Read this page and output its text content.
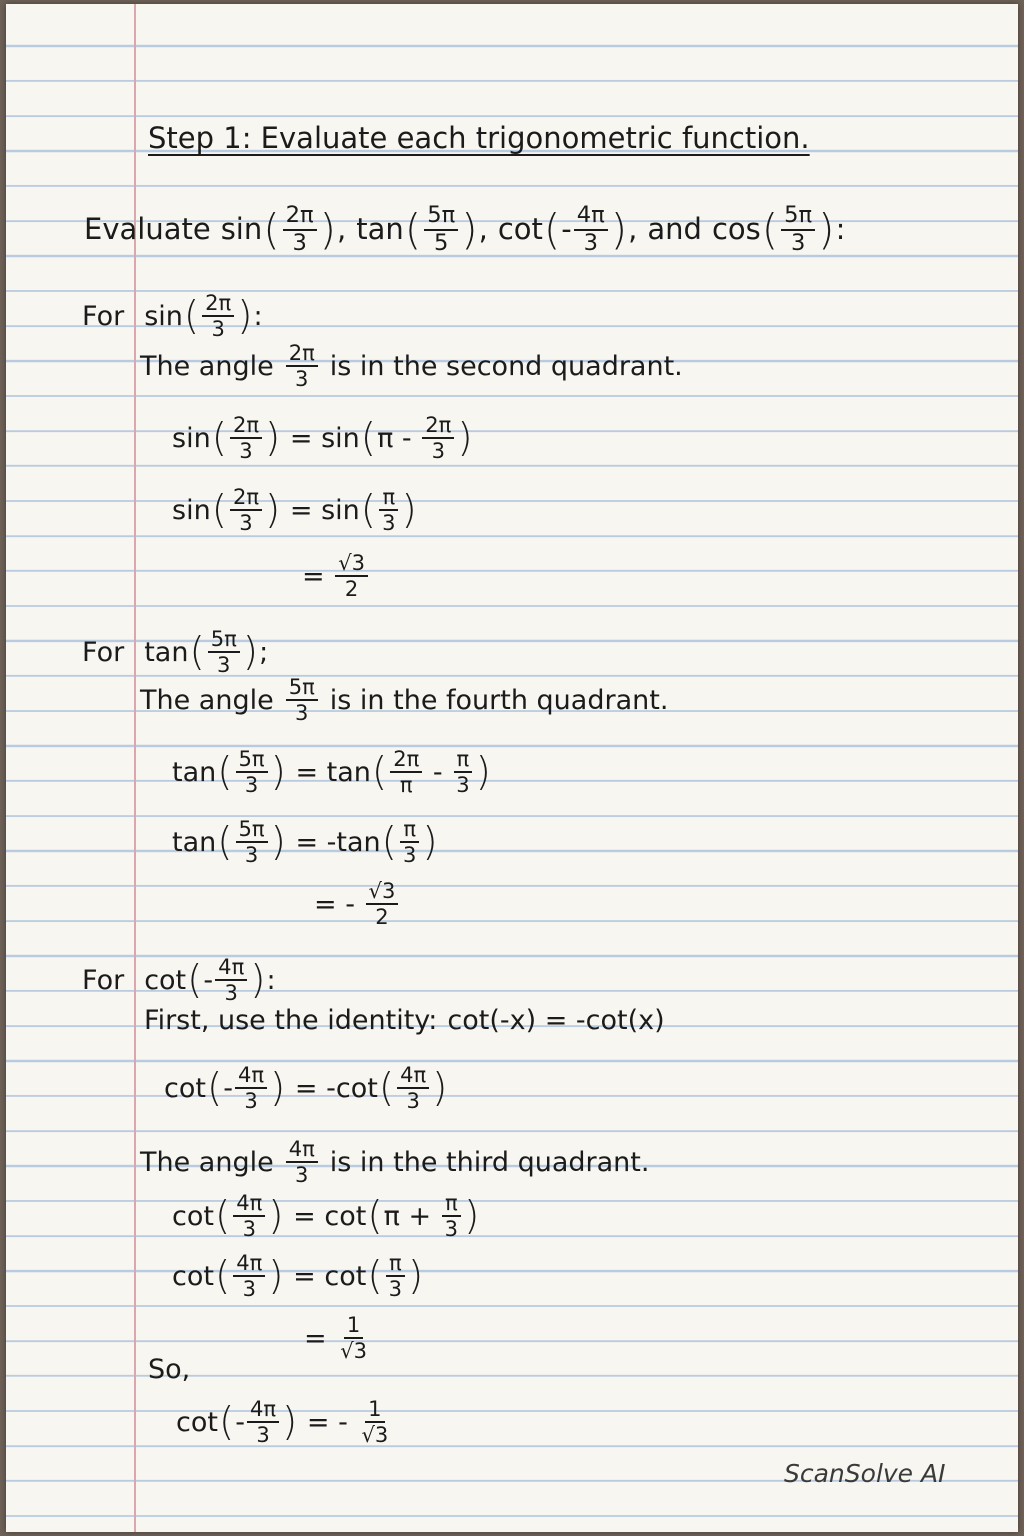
Step 1: Evaluate each trigonometric function.
Evaluate sin ( $\frac{2\pi}{3}$ ) , tan ( $\frac{5\pi}{5}$ ) , cot ( - $\frac{4\pi}{3}$ ) , and cos ( $\frac{5\pi}{3}$ ) :
For sin ( $\frac{2\pi}{3}$ ) :
The angle $\frac{2\pi}{3}$ is in the second quadrant.
sin ( $\frac{2\pi}{3}$ ) = sin ( π - $\frac{2\pi}{3}$ )
sin ( $\frac{2\pi}{3}$ ) = sin ( $\frac{\pi}{3}$ )
= $\frac{√3}{2}$
For tan ( $\frac{5\pi}{3}$ ) ;
The angle $\frac{5\pi}{3}$ is in the fourth quadrant.
tan ( $\frac{5\pi}{3}$ ) = tan ( $\frac{2\pi}{\pi} - \frac{\pi}{3}$ )
tan ( $\frac{5\pi}{3}$ ) = -tan ( $\frac{\pi}{3}$ )
= - $\frac{√3}{2}$
For cot ( - $\frac{4\pi}{3}$ ) :
First, use the identity: cot(-x) = -cot(x)
cot ( - $\frac{4\pi}{3}$ ) = -cot ( $\frac{4\pi}{3}$ )
The angle $\frac{4\pi}{3}$ is in the third quadrant.
cot ( $\frac{4\pi}{3}$ ) = cot ( $\pi + \frac{\pi}{3}$ )
cot ( $\frac{4\pi}{3}$ ) = cot ( $\frac{\pi}{3}$ )
= $\frac{1}{√3}$
So,
cot ( - $\frac{4\pi}{3}$ ) = - $\frac{1}{√3}$
ScanSolve AI
